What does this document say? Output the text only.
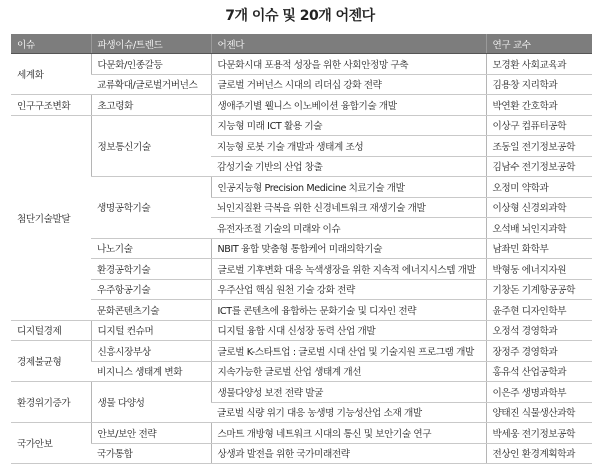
7개 이슈 및 20개 어젠다
이슈	파생이슈/트렌드	어젠다	연구 교수
세계화	다문화/인종갈등	다문화시대 포용적 성장을 위한 사회안정망 구축	모경환 사회교육과
	교류확대/글로벌거버넌스	글로벌 거버넌스 시대의 리더십 강화 전략	김용창 지리학과
인구구조변화	초고령화	생애주기별 웰니스 이노베이션 융합기술 개발	박연환 간호학과
첨단기술발달	정보통신기술	지능형 미래 ICT 활용 기술	이상구 컴퓨터공학
		지능형 로봇 기술 개발과 생태계 조성	조동일 전기정보공학
		감성기술 기반의 산업 창출	김남수 전기정보공학
	생명공학기술	인공지능형 Precision Medicine 치료기술 개발	오정미 약학과
		뇌인지질환 극복을 위한 신경네트워크 재생기술 개발	이상형 신경외과학
		유전자조절 기술의 미래와 이슈	오석배 뇌인지과학
	나노기술	NBIT 융합 맞춤형 통합케어 미래의학기술	남좌민 화학부
	환경공학기술	글로벌 기후변화 대응 녹색생장을 위한 지속적 에너지시스템 개발	박형동 에너지자원
	우주항공기술	우주산업 핵심 원천 기술 강화 전략	기창돈 기계항공공학
	문화콘텐츠기술	ICT를 콘텐츠에 융합하는 문화기술 및 디자인 전략	윤주현 디자인학부
디지털경제	디지털 컨슈머	디지털 융합 시대 신성장 동력 산업 개발	오정석 경영학과
경제불균형	신흥시장부상	글로벌 K-스타트업 : 글로벌 시대 산업 및 기술지원 프로그램 개발	장정주 경영학과
	비지니스 생태계 변화	지속가능한 글로벌 산업 생태계 개선	홍유석 산업공학과
환경위기증가	생물 다양성	생물다양성 보전 전략 발굴	이은주 생명과학부
		글로벌 식량 위기 대응 농생명 기능성산업 소재 개발	양태진 식물생산과학
국가안보	안보/보안 전략	스마트 개방형 네트워크 시대의 통신 및 보안기술 연구	박세웅 전기정보공학
	국가통합	상생과 발전을 위한 국가미래전략	전상인 환경계획학과
